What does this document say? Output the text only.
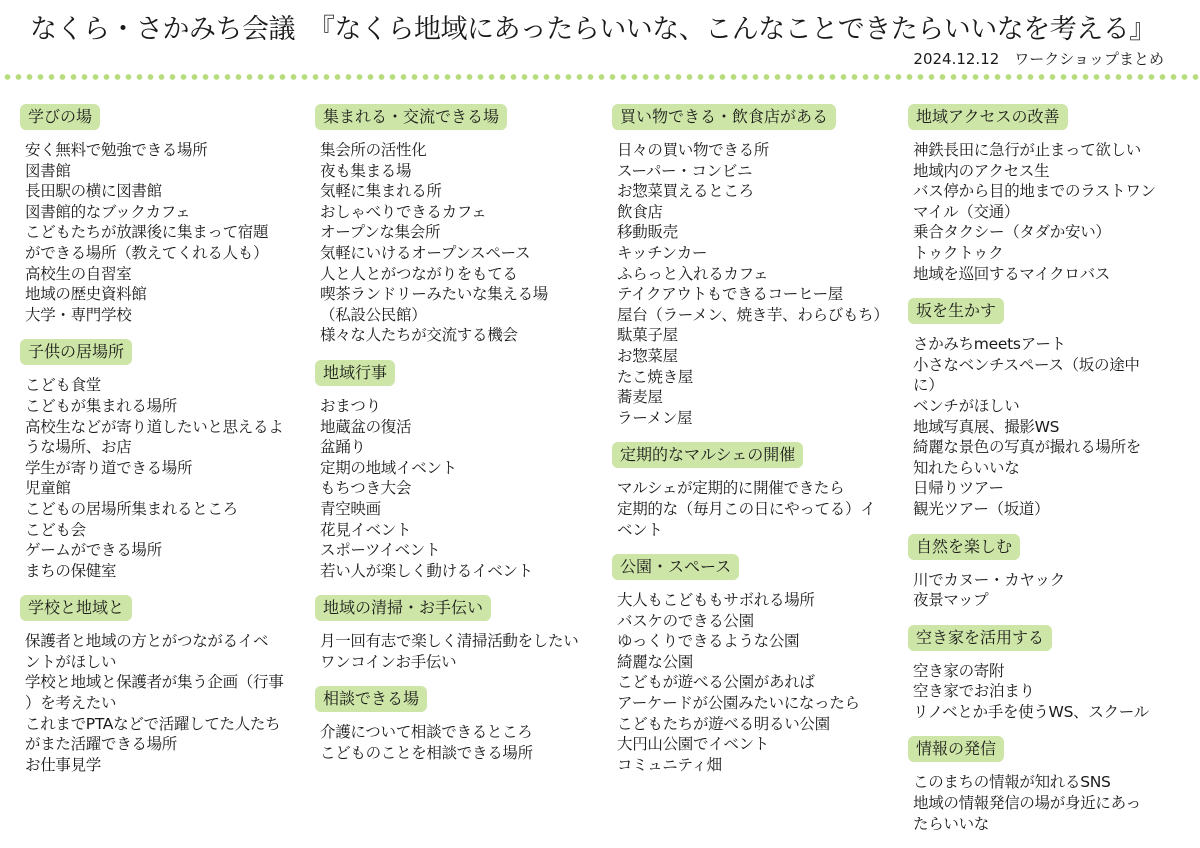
なくら・さかみち会議　『なくら地域にあったらいいな、こんなことできたらいいなを考える』
2024.12.12　ワークショップまとめ
学びの場
安く無料で勉強できる場所
図書館
長田駅の横に図書館
図書館的なブックカフェ
こどもたちが放課後に集まって宿題
ができる場所（教えてくれる人も）
高校生の自習室
地域の歴史資料館
大学・専門学校
子供の居場所
こども食堂
こどもが集まれる場所
高校生などが寄り道したいと思えるよ
うな場所、お店
学生が寄り道できる場所
児童館
こどもの居場所集まれるところ
こども会
ゲームができる場所
まちの保健室
学校と地域と
保護者と地域の方とがつながるイベ
ントがほしい
学校と地域と保護者が集う企画（行事
）を考えたい
これまでPTAなどで活躍してた人たち
がまた活躍できる場所
お仕事見学
集まれる・交流できる場
集会所の活性化
夜も集まる場
気軽に集まれる所
おしゃべりできるカフェ
オープンな集会所
気軽にいけるオープンスペース
人と人とがつながりをもてる
喫茶ランドリーみたいな集える場
（私設公民館）
様々な人たちが交流する機会
地域行事
おまつり
地蔵盆の復活
盆踊り
定期の地域イベント
もちつき大会
青空映画
花見イベント
スポーツイベント
若い人が楽しく動けるイベント
地域の清掃・お手伝い
月一回有志で楽しく清掃活動をしたい
ワンコインお手伝い
相談できる場
介護について相談できるところ
こどものことを相談できる場所
買い物できる・飲食店がある
日々の買い物できる所
スーパー・コンビニ
お惣菜買えるところ
飲食店
移動販売
キッチンカー
ふらっと入れるカフェ
テイクアウトもできるコーヒー屋
屋台（ラーメン、焼き芋、わらびもち）
駄菓子屋
お惣菜屋
たこ焼き屋
蕎麦屋
ラーメン屋
定期的なマルシェの開催
マルシェが定期的に開催できたら
定期的な（毎月この日にやってる）イ
ベント
公園・スペース
大人もこどももサボれる場所
バスケのできる公園
ゆっくりできるような公園
綺麗な公園
こどもが遊べる公園があれば
アーケードが公園みたいになったら
こどもたちが遊べる明るい公園
大円山公園でイベント
コミュニティ畑
地域アクセスの改善
神鉄長田に急行が止まって欲しい
地域内のアクセス生
バス停から目的地までのラストワン
マイル（交通）
乗合タクシー（タダか安い）
トゥクトゥク
地域を巡回するマイクロバス
坂を生かす
さかみちmeetsアート
小さなベンチスペース（坂の途中
に）
ベンチがほしい
地域写真展、撮影WS
綺麗な景色の写真が撮れる場所を
知れたらいいな
日帰りツアー
観光ツアー（坂道）
自然を楽しむ
川でカヌー・カヤック
夜景マップ
空き家を活用する
空き家の寄附
空き家でお泊まり
リノベとか手を使うWS、スクール
情報の発信
このまちの情報が知れるSNS
地域の情報発信の場が身近にあっ
たらいいな
